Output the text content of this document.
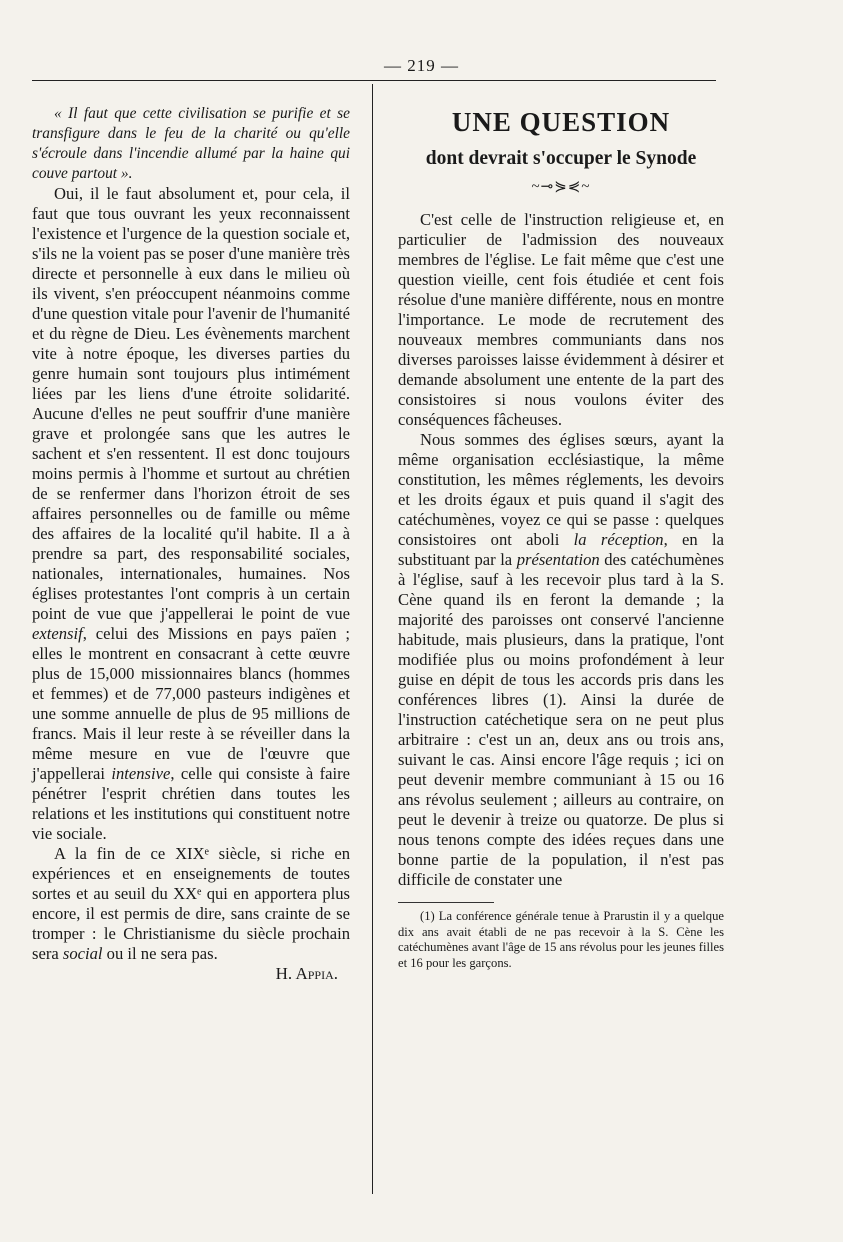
— 219 —

« Il faut que cette civilisation se purifie et se transfigure dans le feu de la charité ou qu'elle s'écroule dans l'incendie allumé par la haine qui couve partout ».

Oui, il le faut absolument et, pour cela, il faut que tous ouvrant les yeux reconnaissent l'existence et l'urgence de la question sociale et, s'ils ne la voient pas se poser d'une manière très directe et personnelle à eux dans le milieu où ils vivent, s'en préoccupent néanmoins comme d'une question vitale pour l'avenir de l'humanité et du règne de Dieu. Les évènements marchent vite à notre époque, les diverses parties du genre humain sont toujours plus intimément liées par les liens d'une étroite solidarité. Aucune d'elles ne peut souffrir d'une manière grave et prolongée sans que les autres le sachent et s'en ressentent. Il est donc toujours moins permis à l'homme et surtout au chrétien de se renfermer dans l'horizon étroit de ses affaires personnelles ou de famille ou même des affaires de la localité qu'il habite. Il a à prendre sa part, des responsabilité sociales, nationales, internationales, humaines. Nos églises protestantes l'ont compris à un certain point de vue que j'appellerai le point de vue extensif, celui des Missions en pays païen ; elles le montrent en consacrant à cette œuvre plus de 15,000 missionnaires blancs (hommes et femmes) et de 77,000 pasteurs indigènes et une somme annuelle de plus de 95 millions de francs. Mais il leur reste à se réveiller dans la même mesure en vue de l'œuvre que j'appellerai intensive, celle qui consiste à faire pénétrer l'esprit chrétien dans toutes les relations et les institutions qui constituent notre vie sociale.

A la fin de ce XIXᵉ siècle, si riche en expériences et en enseignements de toutes sortes et au seuil du XXᵉ qui en apportera plus encore, il est permis de dire, sans crainte de se tromper : le Christianisme du siècle prochain sera social ou il ne sera pas.

H. Appia.

UNE QUESTION
dont devrait s'occuper le Synode
~⊸⋟⋞~

C'est celle de l'instruction religieuse et, en particulier de l'admission des nouveaux membres de l'église. Le fait même que c'est une question vieille, cent fois étudiée et cent fois résolue d'une manière différente, nous en montre l'importance. Le mode de recrutement des nouveaux membres communiants dans nos diverses paroisses laisse évidemment à désirer et demande absolument une entente de la part des consistoires si nous voulons éviter des conséquences fâcheuses.

Nous sommes des églises sœurs, ayant la même organisation ecclésiastique, la même constitution, les mêmes réglements, les devoirs et les droits égaux et puis quand il s'agit des catéchumènes, voyez ce qui se passe : quelques consistoires ont aboli la réception, en la substituant par la présentation des catéchumènes à l'église, sauf à les recevoir plus tard à la S. Cène quand ils en feront la demande ; la majorité des paroisses ont conservé l'ancienne habitude, mais plusieurs, dans la pratique, l'ont modifiée plus ou moins profondément à leur guise en dépit de tous les accords pris dans les conférences libres (1). Ainsi la durée de l'instruction catéchetique sera on ne peut plus arbitraire : c'est un an, deux ans ou trois ans, suivant le cas. Ainsi encore l'âge requis ; ici on peut devenir membre communiant à 15 ou 16 ans révolus seulement ; ailleurs au contraire, on peut le devenir à treize ou quatorze. De plus si nous tenons compte des idées reçues dans une bonne partie de la population, il n'est pas difficile de constater une

(1) La conférence générale tenue à Prarustin il y a quelque dix ans avait établi de ne pas recevoir à la S. Cène les catéchumènes avant l'âge de 15 ans révolus pour les jeunes filles et 16 pour les garçons.
